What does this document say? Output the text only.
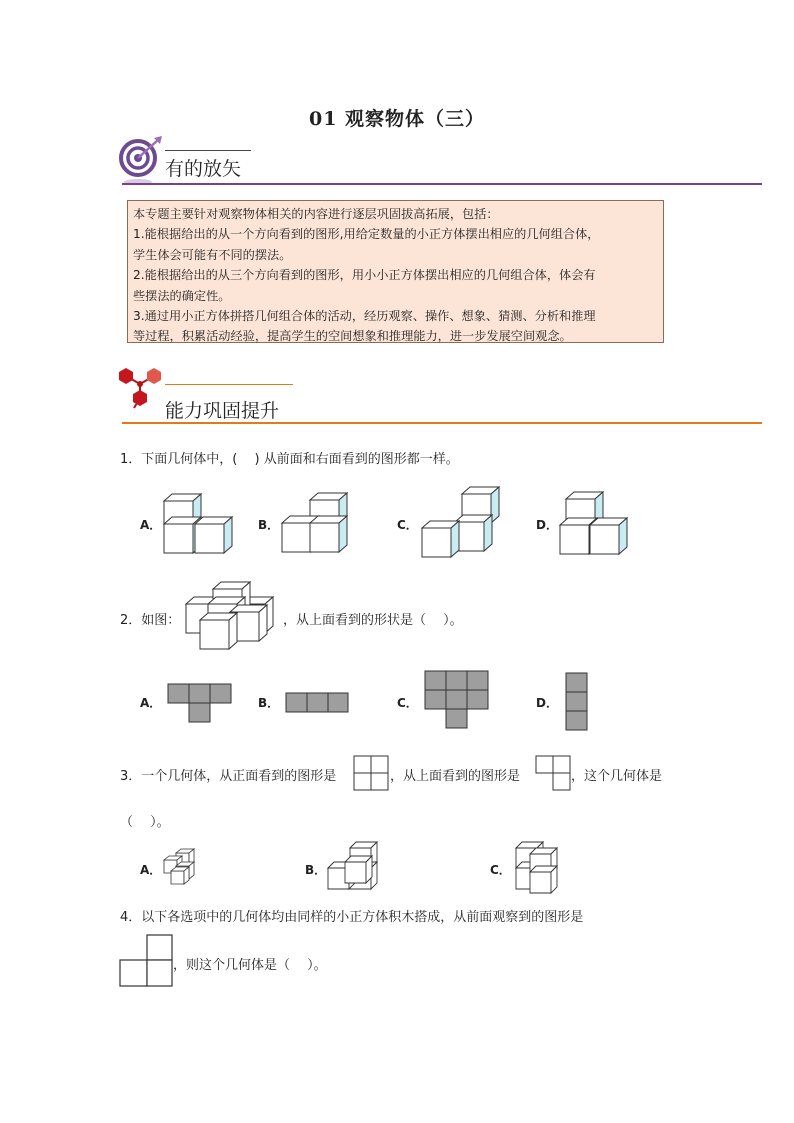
01 观察物体（三）
有的放矢

本专题主要针对观察物体相关的内容进行逐层巩固拔高拓展，包括：

1.能根据给出的从一个方向看到的图形,用给定数量的小正方体摆出相应的几何组合体，

学生体会可能有不同的摆法。

2.能根据给出的从三个方向看到的图形，用小小正方体摆出相应的几何组合体，体会有

些摆法的确定性。

3.通过用小正方体拼搭几何组合体的活动，经历观察、操作、想象、猜测、分析和推理

等过程，积累活动经验，提高学生的空间想象和推理能力，进一步发展空间观念。

能力巩固提升
1．下面几何体中，(　 ) 从前面和右面看到的图形都一样。
A．	B．	C．	D．
2．如图：	，从上面看到的形状是（　 ）。
A．	B．	C．	D．
3．一个几何体，从正面看到的图形是	，从上面看到的图形是	，这个几何体是
（　 ）。
A．	B．	C．
4．以下各选项中的几何体均由同样的小正方体积木搭成，从前面观察到的图形是
，则这个几何体是（　 ）。
